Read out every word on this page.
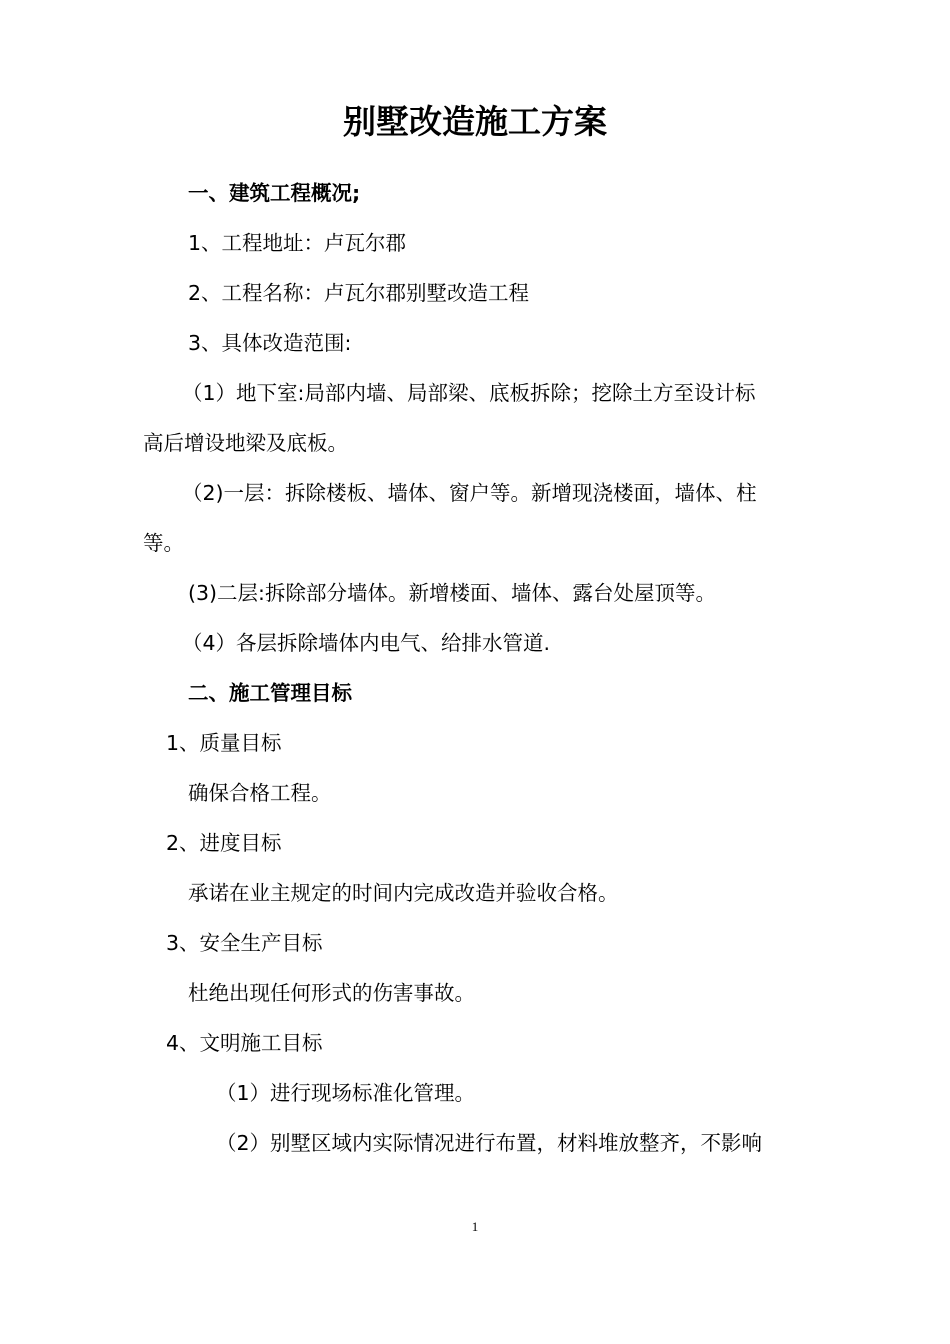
别墅改造施工方案
一、建筑工程概况;
1、工程地址：卢瓦尔郡
2、工程名称：卢瓦尔郡别墅改造工程
3、具体改造范围:
（1）地下室:局部内墙、局部梁、底板拆除；挖除土方至设计标
高后增设地梁及底板。
（2)一层：拆除楼板、墙体、窗户等。新增现浇楼面，墙体、柱
等。
(3)二层:拆除部分墙体。新增楼面、墙体、露台处屋顶等。
（4）各层拆除墙体内电气、给排水管道.
二、施工管理目标
1、质量目标
确保合格工程。
2、进度目标
承诺在业主规定的时间内完成改造并验收合格。
3、安全生产目标
杜绝出现任何形式的伤害事故。
4、文明施工目标
（1）进行现场标准化管理。
（2）别墅区域内实际情况进行布置，材料堆放整齐，不影响
1
